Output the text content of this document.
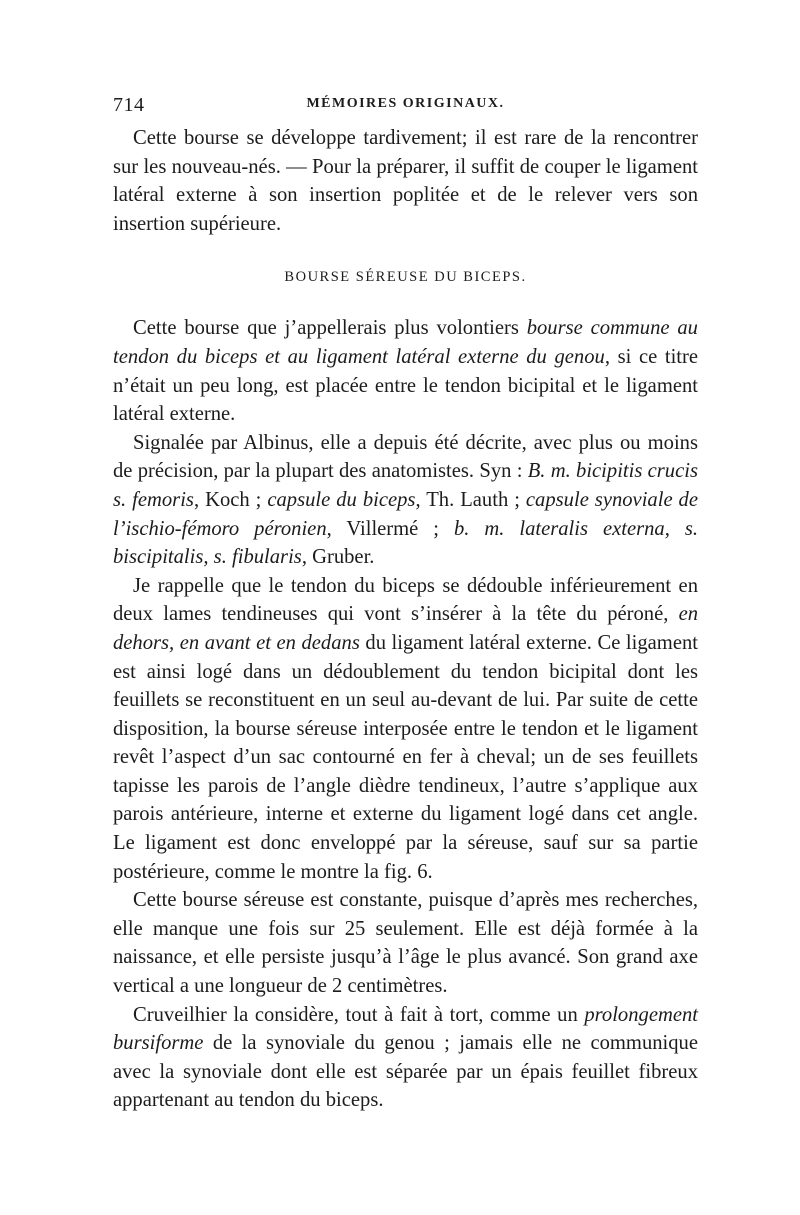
714	MÉMOIRES ORIGINAUX.

Cette bourse se développe tardivement; il est rare de la rencontrer sur les nouveau-nés. — Pour la préparer, il suffit de couper le ligament latéral externe à son insertion poplitée et de le relever vers son insertion supérieure.

BOURSE SÉREUSE DU BICEPS.

Cette bourse que j’appellerais plus volontiers bourse commune au tendon du biceps et au ligament latéral externe du genou, si ce titre n’était un peu long, est placée entre le tendon bicipital et le ligament latéral externe.

Signalée par Albinus, elle a depuis été décrite, avec plus ou moins de précision, par la plupart des anatomistes. Syn : B. m. bicipitis crucis s. femoris, Koch ; capsule du biceps, Th. Lauth ; capsule synoviale de l’ischio-fémoro péronien, Villermé ; b. m. lateralis externa, s. biscipitalis, s. fibularis, Gruber.

Je rappelle que le tendon du biceps se dédouble inférieurement en deux lames tendineuses qui vont s’insérer à la tête du péroné, en dehors, en avant et en dedans du ligament latéral externe. Ce ligament est ainsi logé dans un dédoublement du tendon bicipital dont les feuillets se reconstituent en un seul au-devant de lui. Par suite de cette disposition, la bourse séreuse interposée entre le tendon et le ligament revêt l’aspect d’un sac contourné en fer à cheval; un de ses feuillets tapisse les parois de l’angle dièdre tendineux, l’autre s’applique aux parois antérieure, interne et externe du ligament logé dans cet angle. Le ligament est donc enveloppé par la séreuse, sauf sur sa partie postérieure, comme le montre la fig. 6.

Cette bourse séreuse est constante, puisque d’après mes recherches, elle manque une fois sur 25 seulement. Elle est déjà formée à la naissance, et elle persiste jusqu’à l’âge le plus avancé. Son grand axe vertical a une longueur de 2 centimètres.

Cruveilhier la considère, tout à fait à tort, comme un prolongement bursiforme de la synoviale du genou ; jamais elle ne communique avec la synoviale dont elle est séparée par un épais feuillet fibreux appartenant au tendon du biceps.
